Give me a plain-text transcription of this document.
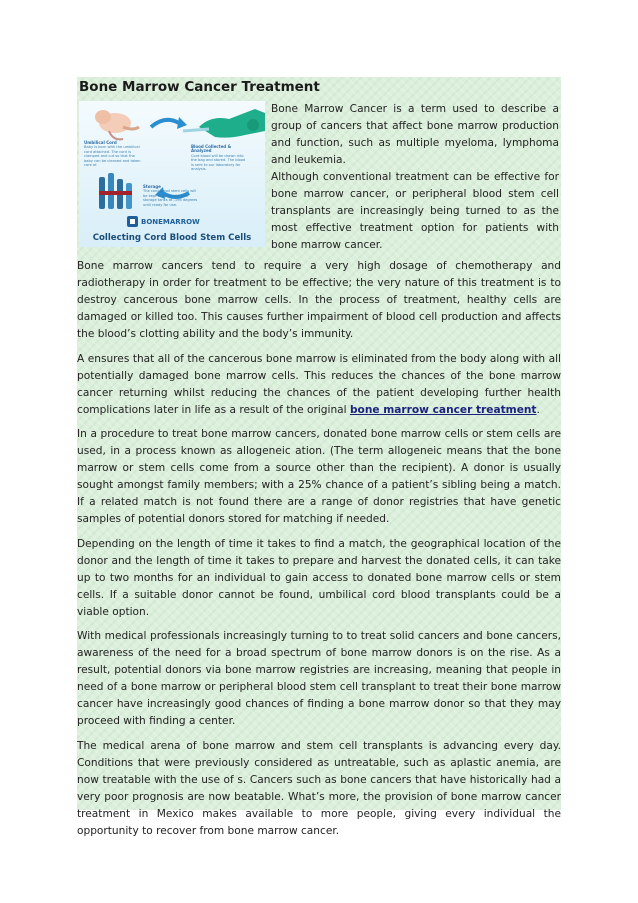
Bone Marrow Cancer Treatment
Umbilical Cord
Baby is born with the umbilical cord attached. The cord is clamped and cut so that the baby can be cleaned and taken care of.
Blood Collected & Analyzed
Cord blood will be drawn into the bag and stored. The blood is sent to our laboratory for analysis.
Storage
The cord blood stem cells will be kept in liquid nitrogen storage tanks at -196 degrees until ready for use.
BONEMARROW
Collecting Cord Blood Stem Cells

Bone Marrow Cancer is a term used to describe a group of cancers that affect bone marrow production and function, such as multiple myeloma, lymphoma and leukemia.

Although conventional treatment can be effective for bone marrow cancer, or peripheral blood stem cell transplants are increasingly being turned to as the most effective treatment option for patients with bone marrow cancer.

Bone marrow cancers tend to require a very high dosage of chemotherapy and radiotherapy in order for treatment to be effective; the very nature of this treatment is to destroy cancerous bone marrow cells. In the process of treatment, healthy cells are damaged or killed too. This causes further impairment of blood cell production and affects the blood’s clotting ability and the body’s immunity.

A ensures that all of the cancerous bone marrow is eliminated from the body along with all potentially damaged bone marrow cells. This reduces the chances of the bone marrow cancer returning whilst reducing the chances of the patient developing further health complications later in life as a result of the original bone marrow cancer treatment.

In a procedure to treat bone marrow cancers, donated bone marrow cells or stem cells are used, in a process known as allogeneic ation. (The term allogeneic means that the bone marrow or stem cells come from a source other than the recipient). A donor is usually sought amongst family members; with a 25% chance of a patient’s sibling being a match. If a related match is not found there are a range of donor registries that have genetic samples of potential donors stored for matching if needed.

Depending on the length of time it takes to find a match, the geographical location of the donor and the length of time it takes to prepare and harvest the donated cells, it can take up to two months for an individual to gain access to donated bone marrow cells or stem cells. If a suitable donor cannot be found, umbilical cord blood transplants could be a viable option.

With medical professionals increasingly turning to to treat solid cancers and bone cancers, awareness of the need for a broad spectrum of bone marrow donors is on the rise. As a result, potential donors via bone marrow registries are increasing, meaning that people in need of a bone marrow or peripheral blood stem cell transplant to treat their bone marrow cancer have increasingly good chances of finding a bone marrow donor so that they may proceed with finding a center.

The medical arena of bone marrow and stem cell transplants is advancing every day. Conditions that were previously considered as untreatable, such as aplastic anemia, are now treatable with the use of s. Cancers such as bone cancers that have historically had a very poor prognosis are now beatable. What’s more, the provision of bone marrow cancer treatment in Mexico makes available to more people, giving every individual the opportunity to recover from bone marrow cancer.
